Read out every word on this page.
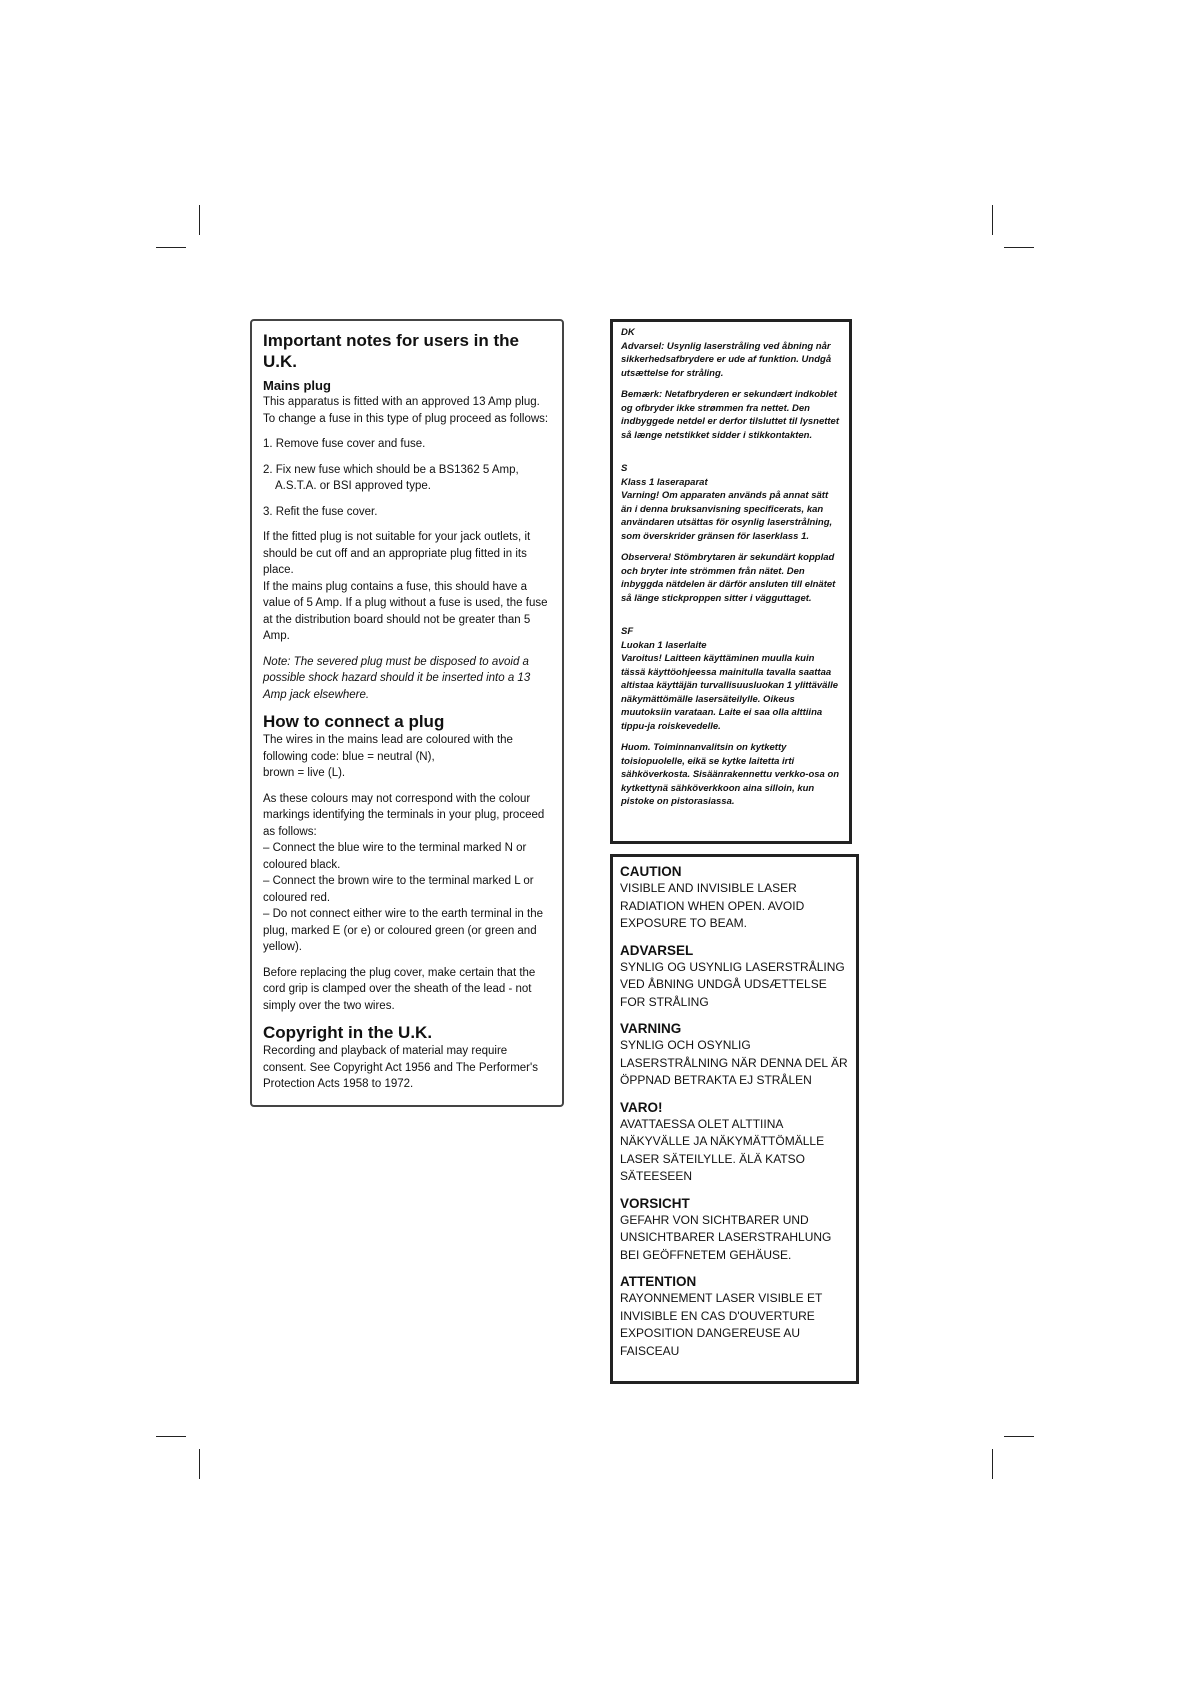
Important notes for users in the U.K.
Mains plug

This apparatus is fitted with an approved 13 Amp plug. To change a fuse in this type of plug proceed as follows:

1. Remove fuse cover and fuse.

2. Fix new fuse which should be a BS1362 5 Amp, A.S.T.A. or BSI approved type.

3. Refit the fuse cover.

If the fitted plug is not suitable for your jack outlets, it should be cut off and an appropriate plug fitted in its place.

If the mains plug contains a fuse, this should have a value of 5 Amp. If a plug without a fuse is used, the fuse at the distribution board should not be greater than 5 Amp.

Note: The severed plug must be disposed to avoid a possible shock hazard should it be inserted into a 13 Amp jack elsewhere.

How to connect a plug

The wires in the mains lead are coloured with the following code: blue = neutral (N),

brown = live (L).

As these colours may not correspond with the colour markings identifying the terminals in your plug, proceed as follows:

– Connect the blue wire to the terminal marked N or coloured black.

– Connect the brown wire to the terminal marked L or coloured red.

– Do not connect either wire to the earth terminal in the plug, marked E (or e) or coloured green (or green and yellow).

Before replacing the plug cover, make certain that the cord grip is clamped over the sheath of the lead - not simply over the two wires.

Copyright in the U.K.

Recording and playback of material may require consent. See Copyright Act 1956 and The Performer's Protection Acts 1958 to 1972.

DK

Advarsel: Usynlig laserstråling ved åbning når sikkerhedsafbrydere er ude af funktion. Undgå utsættelse for stråling.

Bemærk: Netafbryderen er sekundært indkoblet og ofbryder ikke strømmen fra nettet. Den indbyggede netdel er derfor tilsluttet til lysnettet så længe netstikket sidder i stikkontakten.

S

Klass 1 laseraparat

Varning! Om apparaten används på annat sätt än i denna bruksanvisning specificerats, kan användaren utsättas för osynlig laserstrålning, som överskrider gränsen för laserklass 1.

Observera! Stömbrytaren är sekundärt kopplad och bryter inte strömmen från nätet. Den inbyggda nätdelen är därför ansluten till elnätet så länge stickproppen sitter i vägguttaget.

SF

Luokan 1 laserlaite

Varoitus! Laitteen käyttäminen muulla kuin tässä käyttöohjeessa mainitulla tavalla saattaa altistaa käyttäjän turvallisuusluokan 1 ylittävälle näkymättömälle lasersäteilylle. Oikeus muutoksiin varataan. Laite ei saa olla alttiina tippu-ja roiskevedelle.

Huom. Toiminnanvalitsin on kytketty toisiopuolelle, eikä se kytke laitetta irti sähköverkosta. Sisäänrakennettu verkko-osa on kytkettynä sähköverkkoon aina silloin, kun pistoke on pistorasiassa.

CAUTION

VISIBLE AND INVISIBLE LASER RADIATION WHEN OPEN. AVOID EXPOSURE TO BEAM.

ADVARSEL

SYNLIG OG USYNLIG LASERSTRÅLING VED ÅBNING UNDGÅ UDSÆTTELSE FOR STRÅLING

VARNING

SYNLIG OCH OSYNLIG LASERSTRÅLNING NÄR DENNA DEL ÄR ÖPPNAD BETRAKTA EJ STRÅLEN

VARO!

AVATTAESSA OLET ALTTIINA NÄKYVÄLLE JA NÄKYMÄTTÖMÄLLE LASER SÄTEILYLLE. ÄLÄ KATSO SÄTEESEEN

VORSICHT

GEFAHR VON SICHTBARER UND UNSICHTBARER LASERSTRAHLUNG BEI GEÖFFNETEM GEHÄUSE.

ATTENTION

RAYONNEMENT LASER VISIBLE ET INVISIBLE EN CAS D'OUVERTURE EXPOSITION DANGEREUSE AU FAISCEAU
